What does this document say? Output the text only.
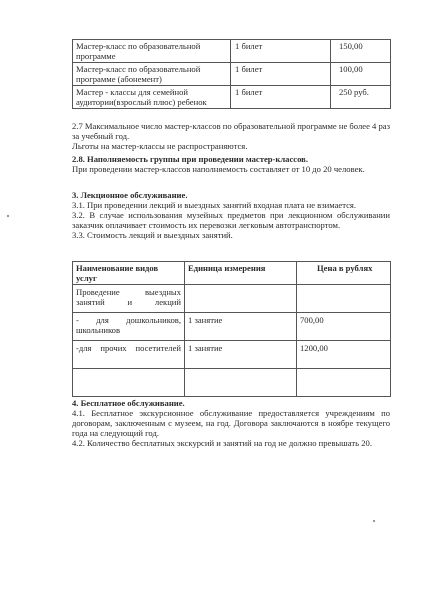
Мастер-класс по образовательной программе	1 билет	150,00
Мастер-класс по образовательной программе (абонемент)	1 билет	100,00
Мастер - классы для семейной аудитории(взрослый плюс) ребенок	1 билет	250 руб.

2.7 Максимальное число мастер-классов по образовательной программе не более 4 раз за учебный год.

Льготы на мастер-классы не распространяются.

2.8. Наполняемость группы при проведении мастер-классов.

При проведении мастер-классов наполняемость составляет от 10 до 20 человек.

3. Лекционное обслуживание.

3.1. При проведении лекций и выездных занятий входная плата не взимается.

3.2. В случае использования музейных предметов при лекционном обслуживании заказчик оплачивает стоимость их перевозки легковым автотранспортом.

3.3. Стоимость лекций и выездных занятий.

Наименование видов услуг	Единица измерения	Цена в рублях
Проведение выездных занятий и лекций		
- для дошкольников, школьников	1 занятие	700,00
-для прочих посетителей	1 занятие	1200,00

4. Бесплатное обслуживание.

4.1. Бесплатное экскурсионное обслуживание предоставляется учреждениям по договорам, заключенным с музеем, на год. Договора заключаются в ноябре текущего года на следующий год.

4.2. Количество бесплатных экскурсий и занятий на год не должно превышать 20.
